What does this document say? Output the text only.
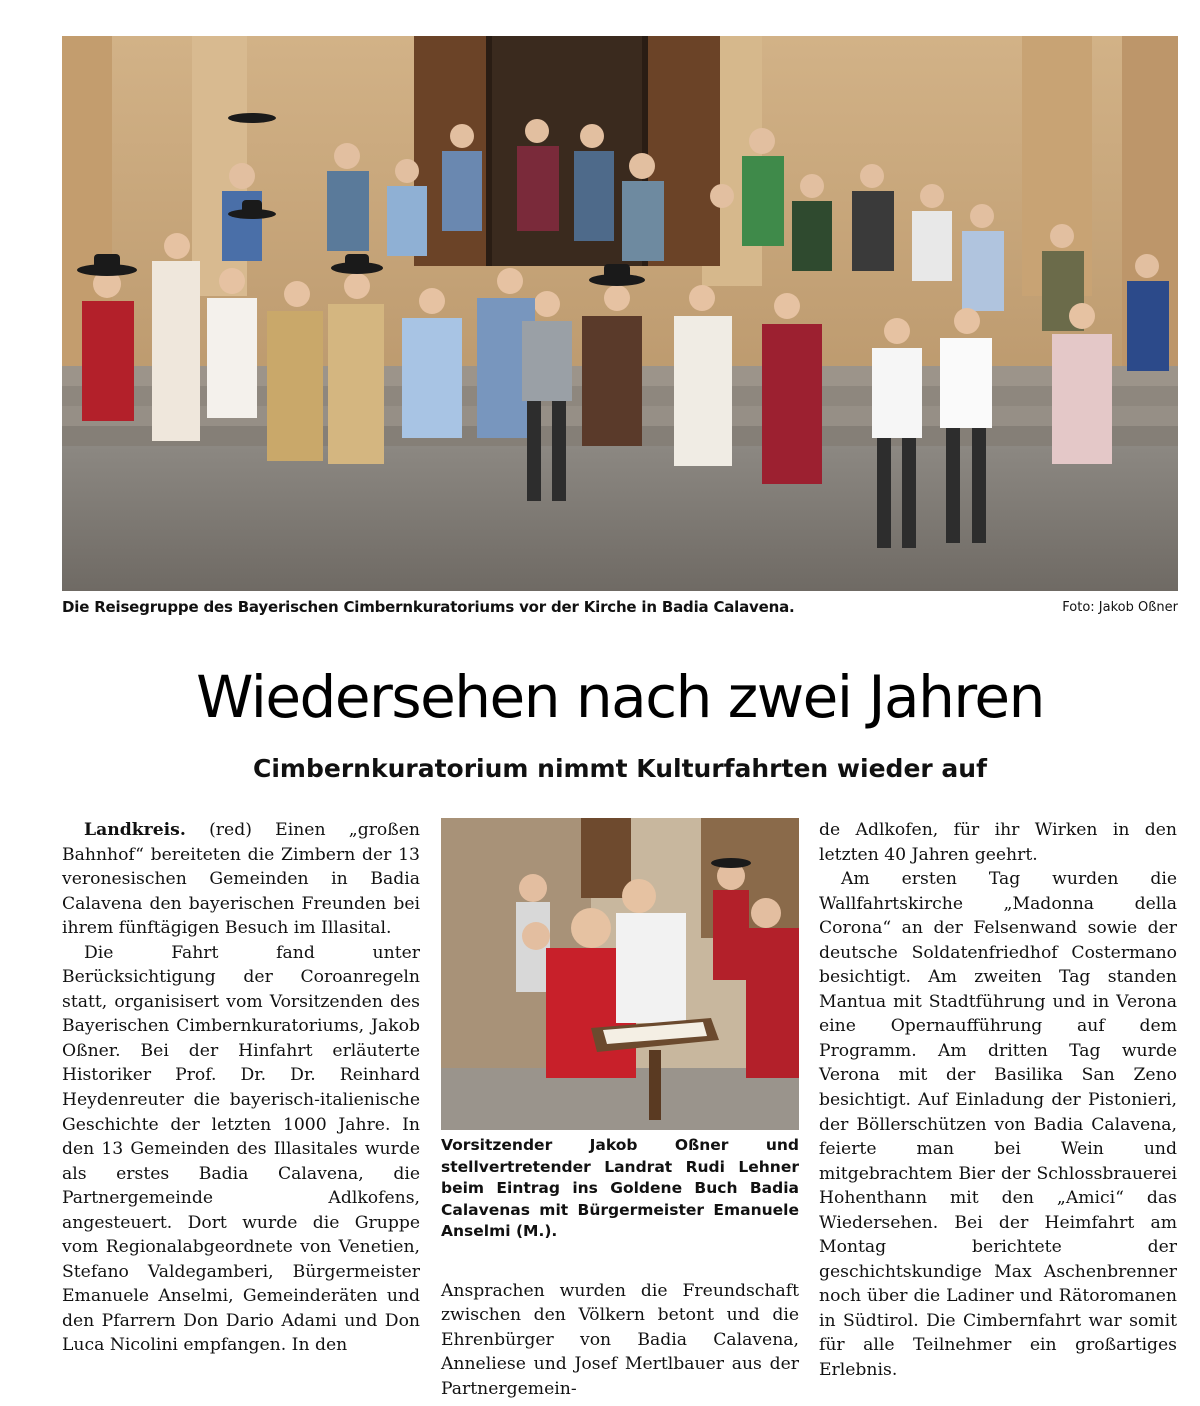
Die Reisegruppe des Bayerischen Cimbernkuratoriums vor der Kirche in Badia Calavena.	Foto: Jakob Oßner
Wiedersehen nach zwei Jahren
Cimbernkuratorium nimmt Kulturfahrten wieder auf

Landkreis. (red) Einen „großen Bahnhof“ bereiteten die Zimbern der 13 veronesischen Gemeinden in Badia Calavena den bayerischen Freunden bei ihrem fünftägigen Besuch im Illasital.

Die Fahrt fand unter Berücksichtigung der Coroanregeln statt, organisisert vom Vorsitzenden des Bayerischen Cimbernkuratoriums, Jakob Oßner. Bei der Hinfahrt erläuterte Historiker Prof. Dr. Dr. Reinhard Heydenreuter die bayerisch-italienische Geschichte der letzten 1000 Jahre. In den 13 Gemeinden des Illasitales wurde als erstes Badia Calavena, die Partnergemeinde Adlkofens, angesteuert. Dort wurde die Gruppe vom Regionalabgeordnete von Venetien, Stefano Valdegamberi, Bürgermeister Emanuele Anselmi, Gemeinderäten und den Pfarrern Don Dario Adami und Don Luca Nicolini empfangen. In den

Vorsitzender Jakob Oßner und stellvertretender Landrat Rudi Lehner beim Eintrag ins Goldene Buch Badia Calavenas mit Bürgermeister Emanuele Anselmi (M.).

Ansprachen wurden die Freundschaft zwischen den Völkern betont und die Ehrenbürger von Badia Calavena, Anneliese und Josef Mertlbauer aus der Partnergemein-

de Adlkofen, für ihr Wirken in den letzten 40 Jahren geehrt.

Am ersten Tag wurden die Wallfahrtskirche „Madonna della Corona“ an der Felsenwand sowie der deutsche Soldatenfriedhof Costermano besichtigt. Am zweiten Tag standen Mantua mit Stadtführung und in Verona eine Opernaufführung auf dem Programm. Am dritten Tag wurde Verona mit der Basilika San Zeno besichtigt. Auf Einladung der Pistonieri, der Böllerschützen von Badia Calavena, feierte man bei Wein und mitgebrachtem Bier der Schlossbrauerei Hohenthann mit den „Amici“ das Wiedersehen. Bei der Heimfahrt am Montag berichtete der geschichtskundige Max Aschenbrenner noch über die Ladiner und Rätoromanen in Südtirol. Die Cimbernfahrt war somit für alle Teilnehmer ein großartiges Erlebnis.
